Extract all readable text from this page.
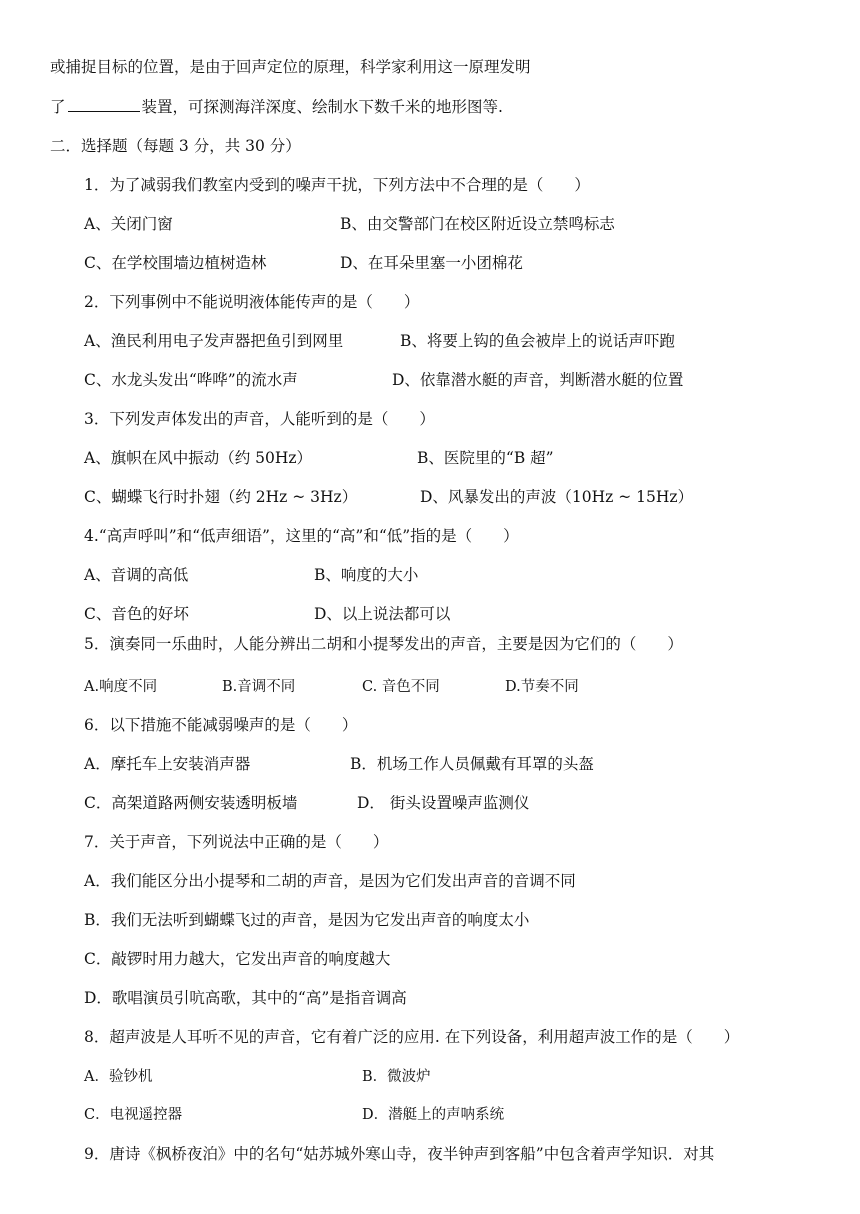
或捕捉目标的位置，是由于回声定位的原理，科学家利用这一原理发明
了	装置，可探测海洋深度、绘制水下数千米的地形图等.
二．选择题（每题 3 分，共 30 分）
1．为了减弱我们教室内受到的噪声干扰，下列方法中不合理的是（　　）
A、关闭门窗	B、由交警部门在校区附近设立禁鸣标志
C、在学校围墙边植树造林	D、在耳朵里塞一小团棉花
2．下列事例中不能说明液体能传声的是（　　）
A、渔民利用电子发声器把鱼引到网里	B、将要上钩的鱼会被岸上的说话声吓跑
C、水龙头发出“哗哗”的流水声	D、依靠潜水艇的声音，判断潜水艇的位置
3．下列发声体发出的声音，人能听到的是（　　）
A、旗帜在风中振动（约 50Hz）	B、医院里的“B 超”
C、蝴蝶飞行时扑翅（约 2Hz ~ 3Hz）	D、风暴发出的声波（10Hz ~ 15Hz）
4.“高声呼叫”和“低声细语”，这里的“高”和“低”指的是（　　）
A、音调的高低	B、响度的大小
C、音色的好坏	D、以上说法都可以
5．演奏同一乐曲时，人能分辨出二胡和小提琴发出的声音，主要是因为它们的（　　）
A.响度不同	B.音调不同	C. 音色不同	D.节奏不同
6．以下措施不能减弱噪声的是（　　）
A．摩托车上安装消声器	B．机场工作人员佩戴有耳罩的头盔
C．高架道路两侧安装透明板墙	D． 街头设置噪声监测仪
7．关于声音，下列说法中正确的是（　　）
A．我们能区分出小提琴和二胡的声音，是因为它们发出声音的音调不同
B．我们无法听到蝴蝶飞过的声音，是因为它发出声音的响度太小
C．敲锣时用力越大，它发出声音的响度越大
D．歌唱演员引吭高歌，其中的“高”是指音调高
8．超声波是人耳听不见的声音，它有着广泛的应用. 在下列设备，利用超声波工作的是（　　）
A．验钞机	B．微波炉
C．电视遥控器	D．潜艇上的声呐系统
9．唐诗《枫桥夜泊》中的名句“姑苏城外寒山寺，夜半钟声到客船”中包含着声学知识．对其
